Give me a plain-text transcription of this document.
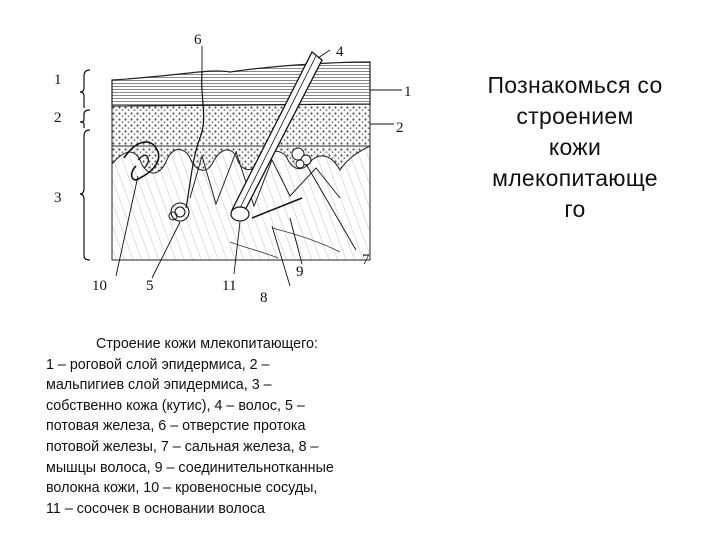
1
2
3
6
4
1
2
7
9
8
11
5
10
Познакомься со
строением
кожи
млекопитающе
го
Строение кожи млекопитающего:
1 – роговой слой эпидермиса, 2 –
мальпигиев слой эпидермиса, 3 –
собственно кожа (кутис), 4 – волос, 5 –
потовая железа, 6 – отверстие протока
потовой железы, 7 – сальная железа, 8 –
мышцы волоса, 9 – соединительнотканные
волокна кожи, 10 – кровеносные сосуды,
11 – сосочек в основании волоса
